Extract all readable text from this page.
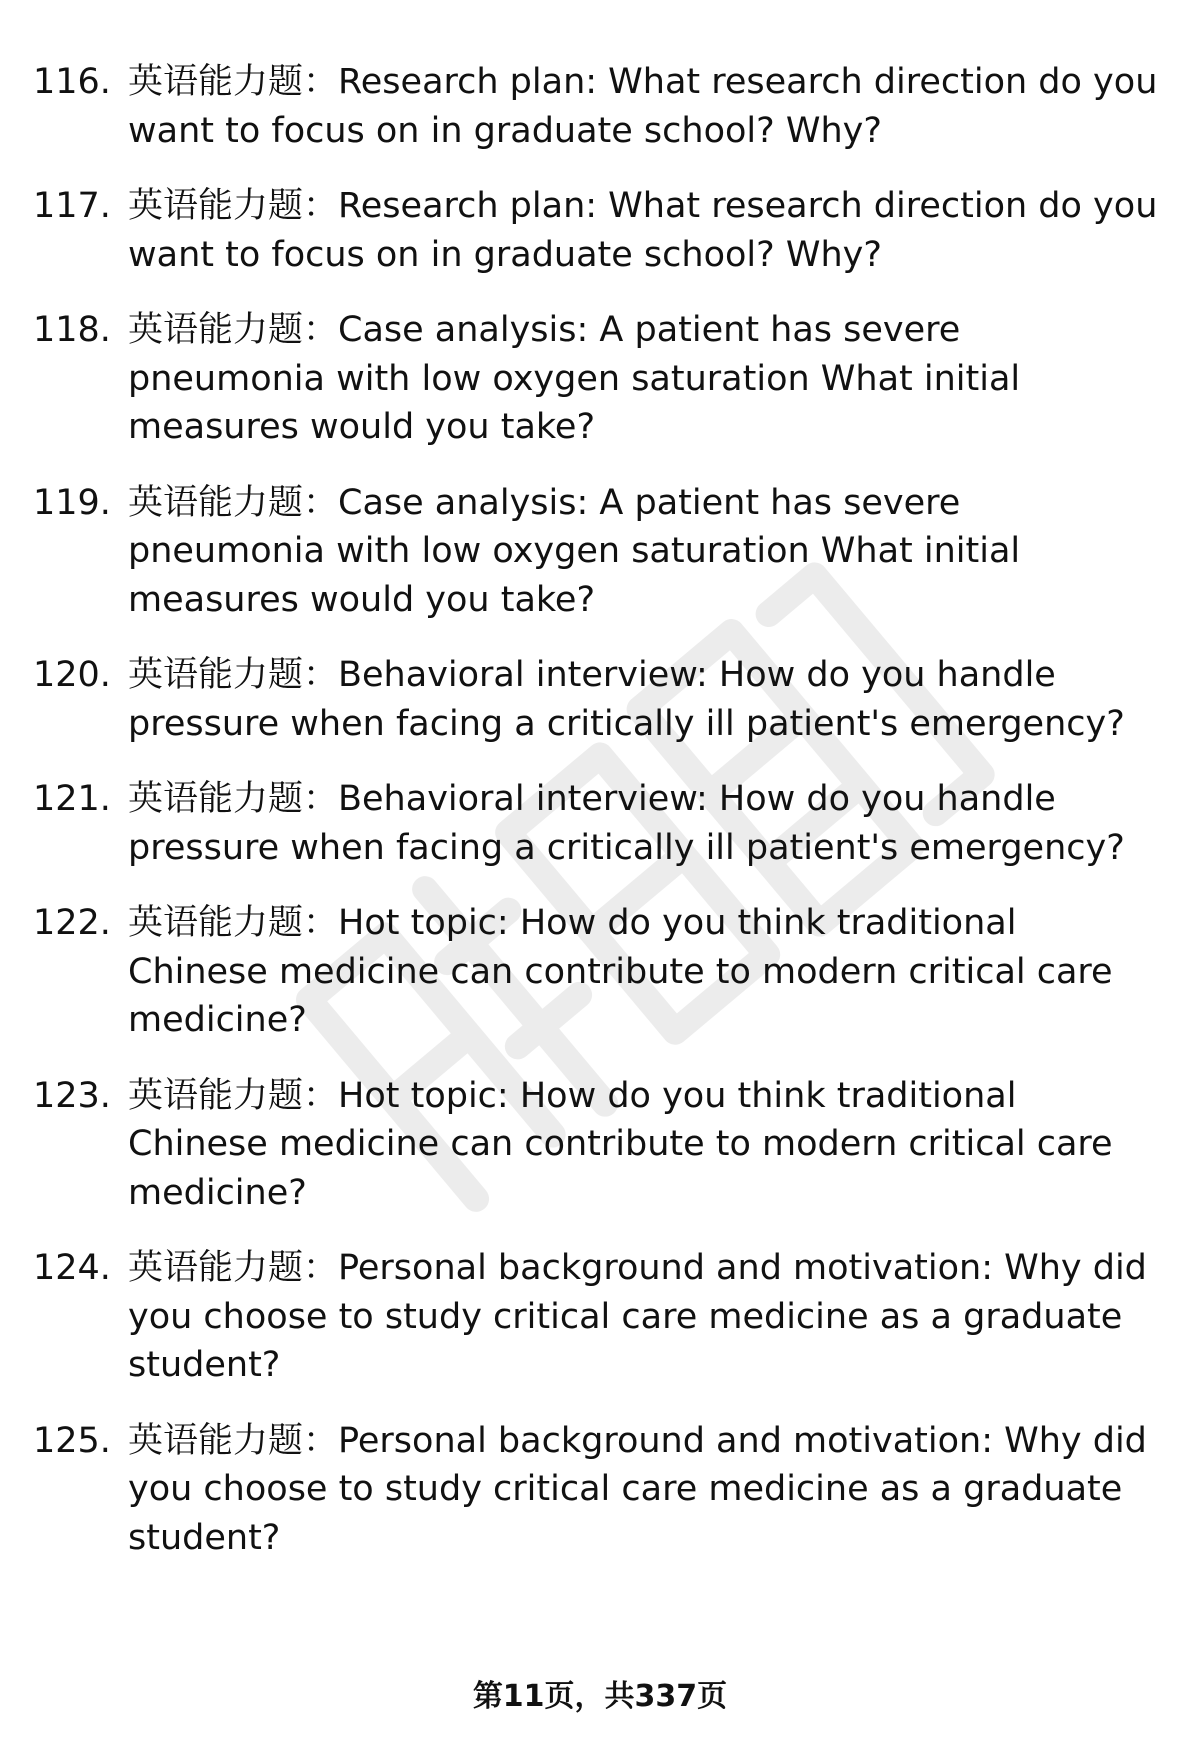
116. 英语能力题：Research plan: What research direction do you want to focus on in graduate school? Why?
117. 英语能力题：Research plan: What research direction do you want to focus on in graduate school? Why?
118. 英语能力题：Case analysis: A patient has severe pneumonia with low oxygen saturation What initial measures would you take?
119. 英语能力题：Case analysis: A patient has severe pneumonia with low oxygen saturation What initial measures would you take?
120. 英语能力题：Behavioral interview: How do you handle pressure when facing a critically ill patient's emergency?
121. 英语能力题：Behavioral interview: How do you handle pressure when facing a critically ill patient's emergency?
122. 英语能力题：Hot topic: How do you think traditional Chinese medicine can contribute to modern critical care medicine?
123. 英语能力题：Hot topic: How do you think traditional Chinese medicine can contribute to modern critical care medicine?
124. 英语能力题：Personal background and motivation: Why did you choose to study critical care medicine as a graduate student?
125. 英语能力题：Personal background and motivation: Why did you choose to study critical care medicine as a graduate student?
第11页，共337页
